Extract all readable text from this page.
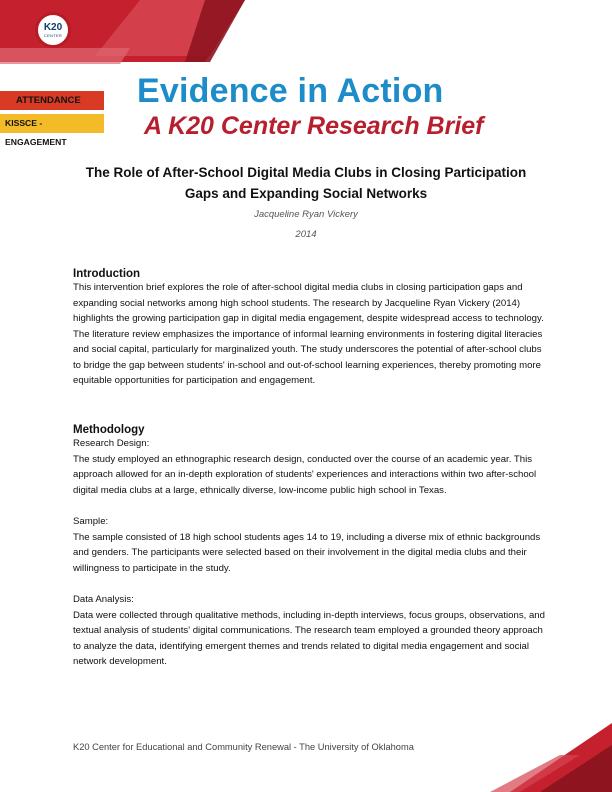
K20
CENTER
ATTENDANCE
KISSCE - ENGAGEMENT
Evidence in Action
A K20 Center Research Brief
The Role of After-School Digital Media Clubs in Closing Participation Gaps and Expanding Social Networks
Jacqueline Ryan Vickery
2014

Introduction

This intervention brief explores the role of after-school digital media clubs in closing participation gaps and expanding social networks among high school students. The research by Jacqueline Ryan Vickery (2014) highlights the growing participation gap in digital media engagement, despite widespread access to technology. The literature review emphasizes the importance of informal learning environments in fostering digital literacies and social capital, particularly for marginalized youth. The study underscores the potential of after-school clubs to bridge the gap between students' in-school and out-of-school learning experiences, thereby promoting more equitable opportunities for participation and engagement.

Methodology

Research Design:

The study employed an ethnographic research design, conducted over the course of an academic year. This approach allowed for an in-depth exploration of students' experiences and interactions within two after-school digital media clubs at a large, ethnically diverse, low-income public high school in Texas.

Sample:

The sample consisted of 18 high school students ages 14 to 19, including a diverse mix of ethnic backgrounds and genders. The participants were selected based on their involvement in the digital media clubs and their willingness to participate in the study.

Data Analysis:

Data were collected through qualitative methods, including in-depth interviews, focus groups, observations, and textual analysis of students' digital communications. The research team employed a grounded theory approach to analyze the data, identifying emergent themes and trends related to digital media engagement and social network development.

K20 Center for Educational and Community Renewal - The University of Oklahoma
